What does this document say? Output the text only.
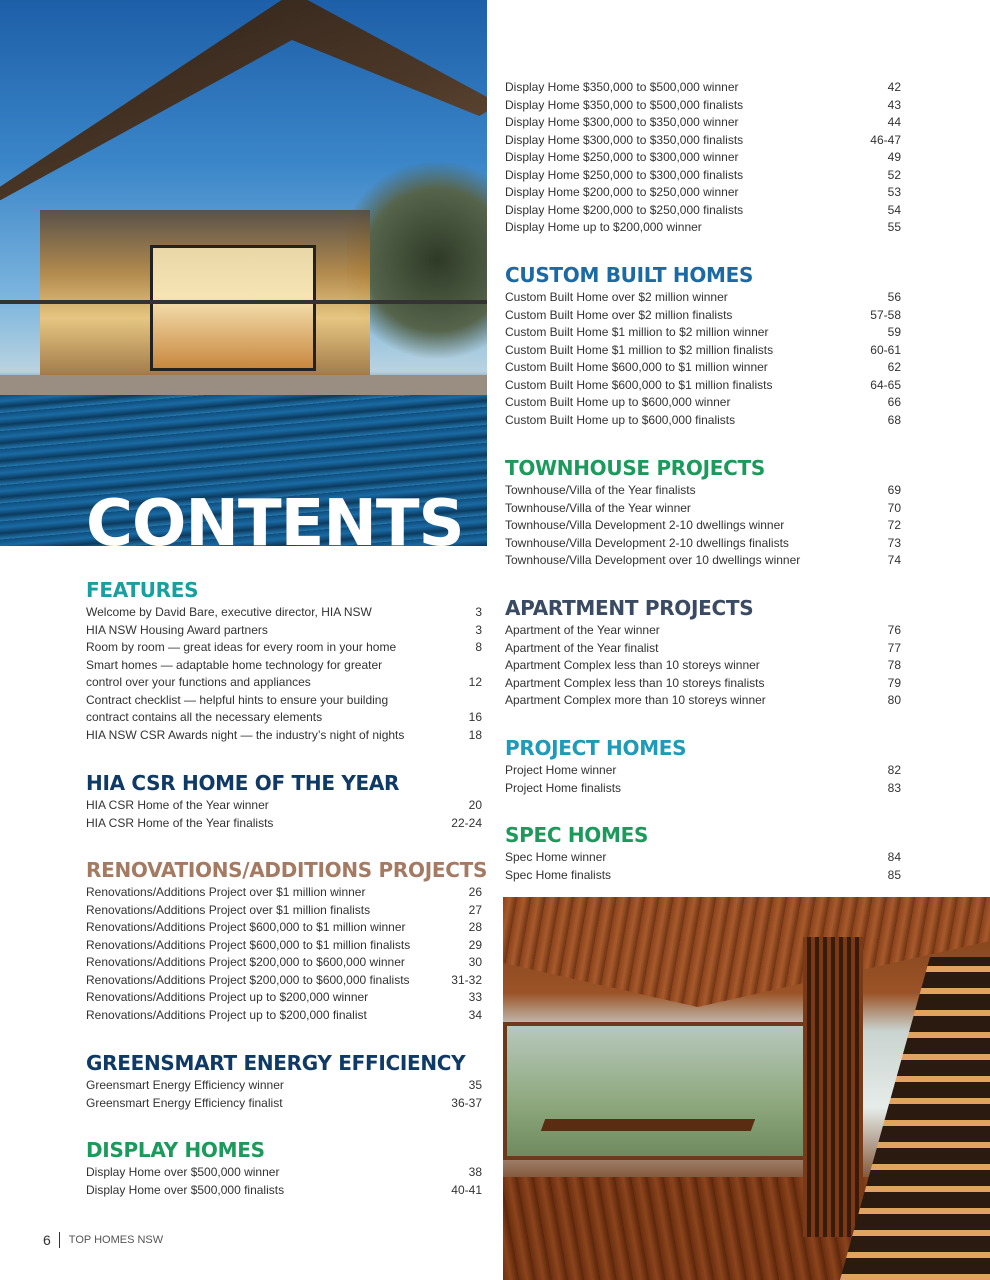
CONTENTS
Display Home $350,000 to $500,000 winner	42
Display Home $350,000 to $500,000 finalists	43
Display Home $300,000 to $350,000 winner	44
Display Home $300,000 to $350,000 finalists	46-47
Display Home $250,000 to $300,000 winner	49
Display Home $250,000 to $300,000 finalists	52
Display Home $200,000 to $250,000 winner	53
Display Home $200,000 to $250,000 finalists	54
Display Home up to $200,000 winner	55
CUSTOM BUILT HOMES
Custom Built Home over $2 million winner	56
Custom Built Home over $2 million finalists	57-58
Custom Built Home $1 million to $2 million winner	59
Custom Built Home $1 million to $2 million finalists	60-61
Custom Built Home $600,000 to $1 million winner	62
Custom Built Home $600,000 to $1 million finalists	64-65
Custom Built Home up to $600,000 winner	66
Custom Built Home up to $600,000 finalists	68
TOWNHOUSE PROJECTS
Townhouse/Villa of the Year finalists	69
Townhouse/Villa of the Year winner	70
Townhouse/Villa Development 2-10 dwellings winner	72
Townhouse/Villa Development 2-10 dwellings finalists	73
Townhouse/Villa Development over 10 dwellings winner	74
APARTMENT PROJECTS
Apartment of the Year winner	76
Apartment of the Year finalist	77
Apartment Complex less than 10 storeys winner	78
Apartment Complex less than 10 storeys finalists	79
Apartment Complex more than 10 storeys winner	80
PROJECT HOMES
Project Home winner	82
Project Home finalists	83
SPEC HOMES
Spec Home winner	84
Spec Home finalists	85
FEATURES
Welcome by David Bare, executive director, HIA NSW	3
HIA NSW Housing Award partners	3
Room by room — great ideas for every room in your home	8
Smart homes — adaptable home technology for greater
control over your functions and appliances	12
Contract checklist — helpful hints to ensure your building
contract contains all the necessary elements	16
HIA NSW CSR Awards night — the industry’s night of nights	18
HIA CSR HOME OF THE YEAR
HIA CSR Home of the Year winner	20
HIA CSR Home of the Year finalists	22-24
RENOVATIONS/ADDITIONS PROJECTS
Renovations/Additions Project over $1 million winner	26
Renovations/Additions Project over $1 million finalists	27
Renovations/Additions Project $600,000 to $1 million winner	28
Renovations/Additions Project $600,000 to $1 million finalists	29
Renovations/Additions Project $200,000 to $600,000 winner	30
Renovations/Additions Project $200,000 to $600,000 finalists	31-32
Renovations/Additions Project up to $200,000 winner	33
Renovations/Additions Project up to $200,000 finalist	34
GREENSMART ENERGY EFFICIENCY
Greensmart Energy Efficiency winner	35
Greensmart Energy Efficiency finalist	36-37
DISPLAY HOMES
Display Home over $500,000 winner	38
Display Home over $500,000 finalists	40-41
6 TOP HOMES NSW
